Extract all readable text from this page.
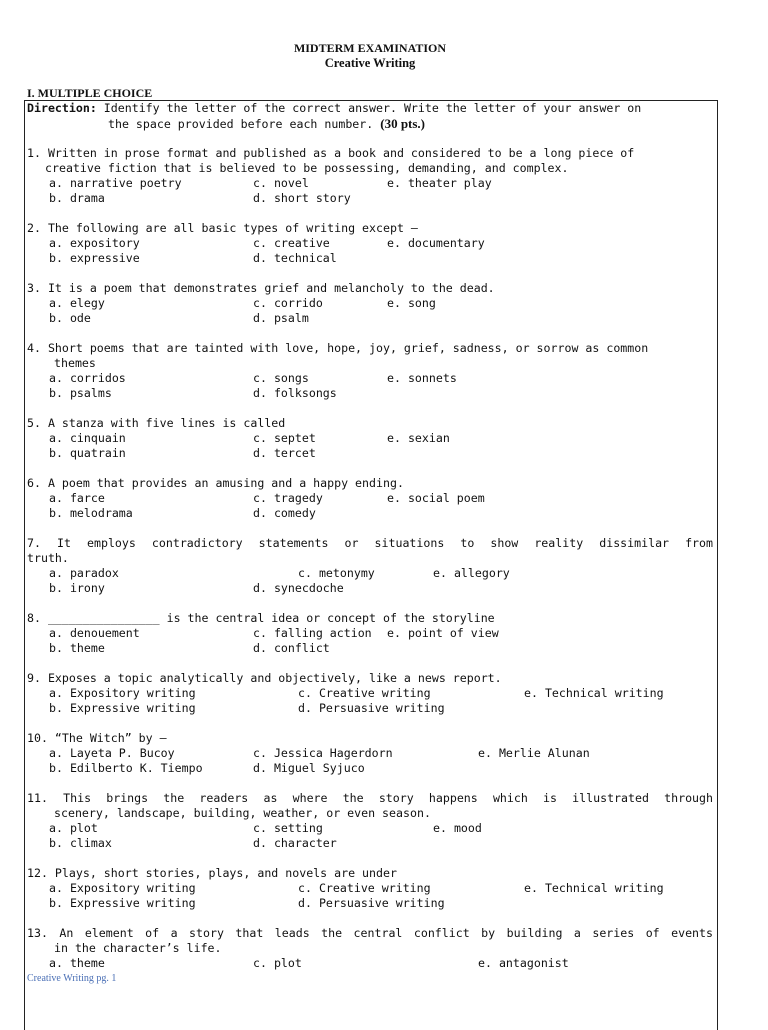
MIDTERM EXAMINATION
Creative Writing
I. MULTIPLE CHOICE
Direction: Identify the letter of the correct answer. Write the letter of your answer on
the space provided before each number. (30 pts.)
1. Written in prose format and published as a book and considered to be a long piece of
creative fiction that is believed to be possessing, demanding, and complex.
a. narrative poetry	c. novel	e. theater play
b. drama	d. short story
2. The following are all basic types of writing except –
a. expository	c. creative	e. documentary
b. expressive	d. technical
3. It is a poem that demonstrates grief and melancholy to the dead.
a. elegy	c. corrido	e. song
b. ode	d. psalm
4. Short poems that are tainted with love, hope, joy, grief, sadness, or sorrow as common
themes
a. corridos	c. songs	e. sonnets
b. psalms	d. folksongs
5. A stanza with five lines is called
a. cinquain	c. septet	e. sexian
b. quatrain	d. tercet
6. A poem that provides an amusing and a happy ending.
a. farce	c. tragedy	e. social poem
b. melodrama	d. comedy
7. It employs contradictory statements or situations to show reality dissimilar from
truth.
a. paradox	c. metonymy	e. allegory
b. irony	d. synecdoche
8. ________________ is the central idea or concept of the storyline
a. denouement	c. falling action e. point of view
b. theme	d. conflict
9. Exposes a topic analytically and objectively, like a news report.
a. Expository writing	c. Creative writing	e. Technical writing
b. Expressive writing	d. Persuasive writing
10. “The Witch” by –
a. Layeta P. Bucoy	c. Jessica Hagerdorn	e. Merlie Alunan
b. Edilberto K. Tiempo	d. Miguel Syjuco
11. This brings the readers as where the story happens which is illustrated through
scenery, landscape, building, weather, or even season.
a. plot	c. setting	e. mood
b. climax	d. character
12. Plays, short stories, plays, and novels are under
a. Expository writing	c. Creative writing	e. Technical writing
b. Expressive writing	d. Persuasive writing
13. An element of a story that leads the central conflict by building a series of events
in the character’s life.
a. theme	c. plot	e. antagonist
Creative Writing pg. 1
